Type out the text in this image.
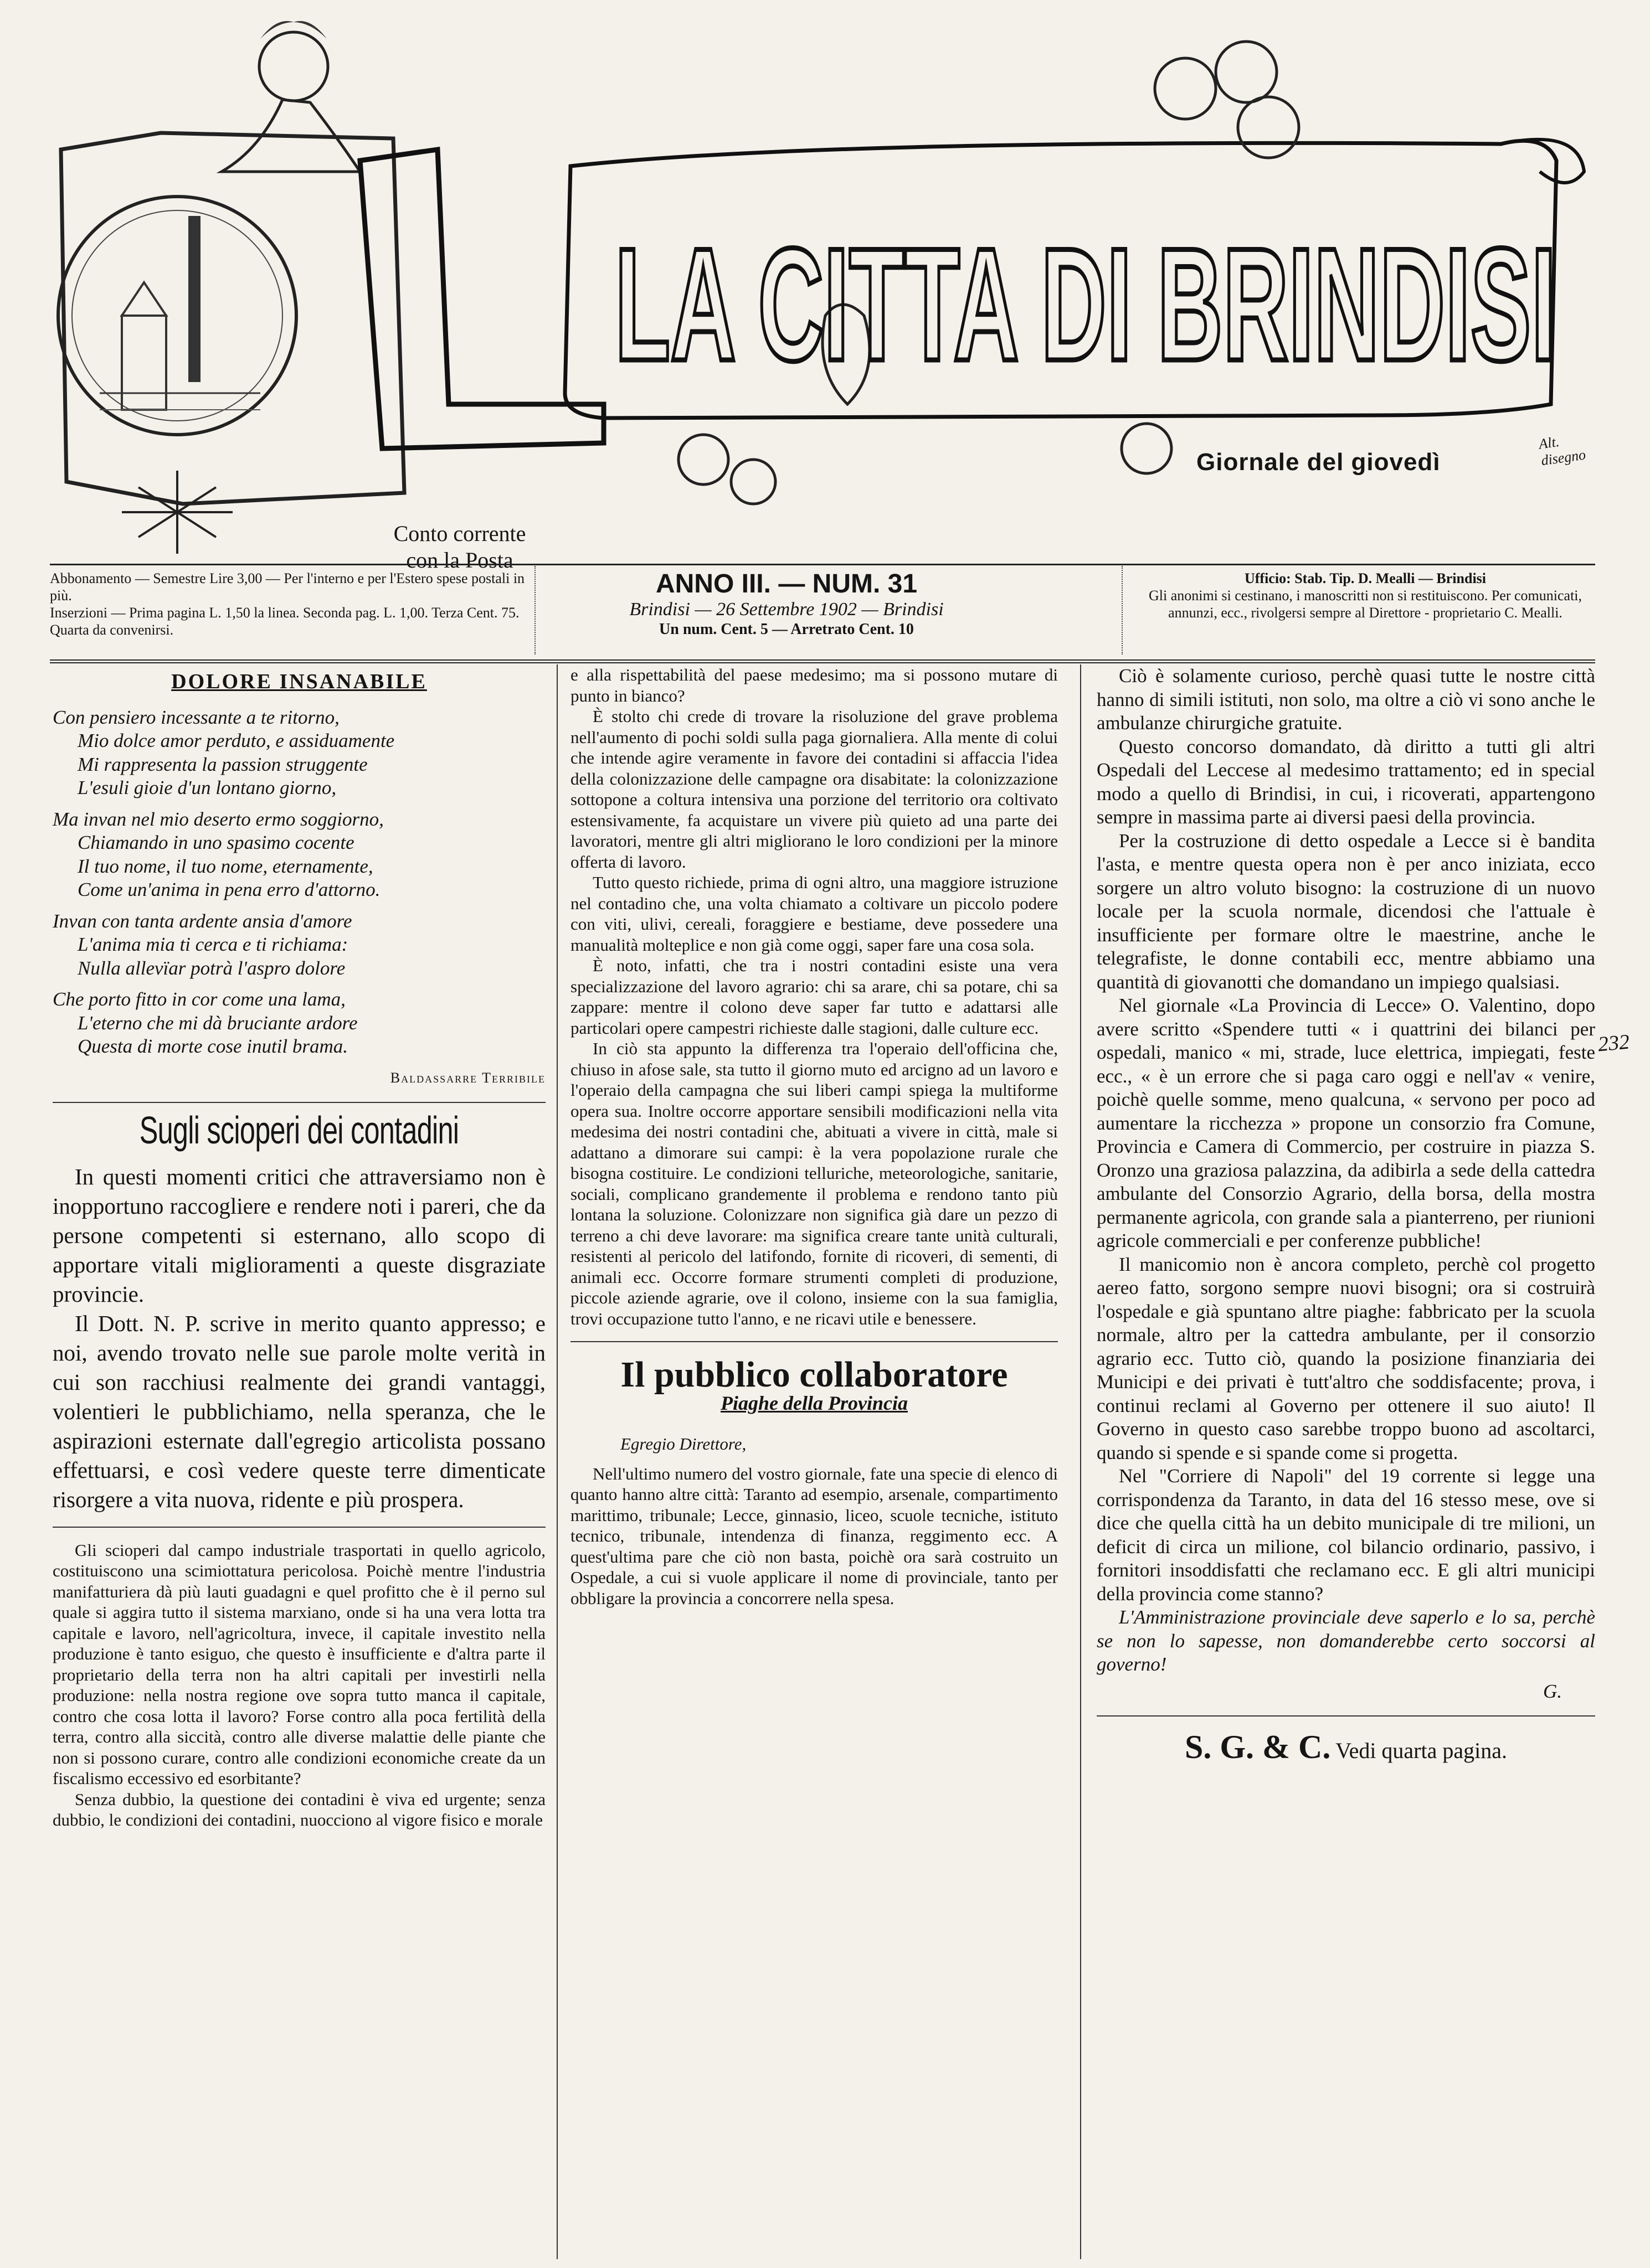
LA CITTA DI BRINDISI
Giornale del giovedì
Alt. disegno
Conto corrente con la Posta
Abbonamento — Semestre Lire 3,00 — Per l'interno e per l'Estero spese postali in più.
Inserzioni — Prima pagina L. 1,50 la linea. Seconda pag. L. 1,00. Terza Cent. 75. Quarta da convenirsi.
ANNO III. — NUM. 31
Brindisi — 26 Settembre 1902 — Brindisi
Un num. Cent. 5 — Arretrato Cent. 10
Ufficio: Stab. Tip. D. Mealli — Brindisi
Gli anonimi si cestinano, i manoscritti non si restituiscono. Per comunicati, annunzi, ecc., rivolgersi sempre al Direttore - proprietario C. Mealli.
DOLORE INSANABILE
Con pensiero incessante a te ritorno,
Mio dolce amor perduto, e assiduamente
Mi rappresenta la passion struggente
L'esuli gioie d'un lontano giorno,
Ma invan nel mio deserto ermo soggiorno,
Chiamando in uno spasimo cocente
Il tuo nome, il tuo nome, eternamente,
Come un'anima in pena erro d'attorno.
Invan con tanta ardente ansia d'amore
L'anima mia ti cerca e ti richiama:
Nulla allevïar potrà l'aspro dolore
Che porto fitto in cor come una lama,
L'eterno che mi dà bruciante ardore
Questa di morte cose inutil brama.
Baldassarre Terribile
Sugli scioperi dei contadini

In questi momenti critici che attraversiamo non è inopportuno raccogliere e rendere noti i pareri, che da persone competenti si esternano, allo scopo di apportare vitali miglioramenti a queste disgraziate provincie.

Il Dott. N. P. scrive in merito quanto appresso; e noi, avendo trovato nelle sue parole molte verità in cui son racchiusi realmente dei grandi vantaggi, volentieri le pubblichiamo, nella speranza, che le aspirazioni esternate dall'egregio articolista possano effettuarsi, e così vedere queste terre dimenticate risorgere a vita nuova, ridente e più prospera.

Gli scioperi dal campo industriale trasportati in quello agricolo, costituiscono una scimiottatura pericolosa. Poichè mentre l'industria manifatturiera dà più lauti guadagni e quel profitto che è il perno sul quale si aggira tutto il sistema marxiano, onde si ha una vera lotta tra capitale e lavoro, nell'agricoltura, invece, il capitale investito nella produzione è tanto esiguo, che questo è insufficiente e d'altra parte il proprietario della terra non ha altri capitali per investirli nella produzione: nella nostra regione ove sopra tutto manca il capitale, contro che cosa lotta il lavoro? Forse contro alla poca fertilità della terra, contro alla siccità, contro alle diverse malattie delle piante che non si possono curare, contro alle condizioni economiche create da un fiscalismo eccessivo ed esorbitante?

Senza dubbio, la questione dei contadini è viva ed urgente; senza dubbio, le condizioni dei contadini, nuocciono al vigore fisico e morale

e alla rispettabilità del paese medesimo; ma si possono mutare di punto in bianco?

È stolto chi crede di trovare la risoluzione del grave problema nell'aumento di pochi soldi sulla paga giornaliera. Alla mente di colui che intende agire veramente in favore dei contadini si affaccia l'idea della colonizzazione delle campagne ora disabitate: la colonizzazione sottopone a coltura intensiva una porzione del territorio ora coltivato estensivamente, fa acquistare un vivere più quieto ad una parte dei lavoratori, mentre gli altri migliorano le loro condizioni per la minore offerta di lavoro.

Tutto questo richiede, prima di ogni altro, una maggiore istruzione nel contadino che, una volta chiamato a coltivare un piccolo podere con viti, ulivi, cereali, foraggiere e bestiame, deve possedere una manualità molteplice e non già come oggi, saper fare una cosa sola.

È noto, infatti, che tra i nostri contadini esiste una vera specializzazione del lavoro agrario: chi sa arare, chi sa potare, chi sa zappare: mentre il colono deve saper far tutto e adattarsi alle particolari opere campestri richieste dalle stagioni, dalle culture ecc.

In ciò sta appunto la differenza tra l'operaio dell'officina che, chiuso in afose sale, sta tutto il giorno muto ed arcigno ad un lavoro e l'operaio della campagna che sui liberi campi spiega la multiforme opera sua. Inoltre occorre apportare sensibili modificazioni nella vita medesima dei nostri contadini che, abituati a vivere in città, male si adattano a dimorare sui campi: è la vera popolazione rurale che bisogna costituire. Le condizioni telluriche, meteorologiche, sanitarie, sociali, complicano grandemente il problema e rendono tanto più lontana la soluzione. Colonizzare non significa già dare un pezzo di terreno a chi deve lavorare: ma significa creare tante unità culturali, resistenti al pericolo del latifondo, fornite di ricoveri, di sementi, di animali ecc. Occorre formare strumenti completi di produzione, piccole aziende agrarie, ove il colono, insieme con la sua famiglia, trovi occupazione tutto l'anno, e ne ricavi utile e benessere.

Il pubblico collaboratore
Piaghe della Provincia
Egregio Direttore,

Nell'ultimo numero del vostro giornale, fate una specie di elenco di quanto hanno altre città: Taranto ad esempio, arsenale, compartimento marittimo, tribunale; Lecce, ginnasio, liceo, scuole tecniche, istituto tecnico, tribunale, intendenza di finanza, reggimento ecc. A quest'ultima pare che ciò non basta, poichè ora sarà costruito un Ospedale, a cui si vuole applicare il nome di provinciale, tanto per obbligare la provincia a concorrere nella spesa.

Ciò è solamente curioso, perchè quasi tutte le nostre città hanno di simili istituti, non solo, ma oltre a ciò vi sono anche le ambulanze chirurgiche gratuite.

Questo concorso domandato, dà diritto a tutti gli altri Ospedali del Leccese al medesimo trattamento; ed in special modo a quello di Brindisi, in cui, i ricoverati, appartengono sempre in massima parte ai diversi paesi della provincia.

Per la costruzione di detto ospedale a Lecce si è bandita l'asta, e mentre questa opera non è per anco iniziata, ecco sorgere un altro voluto bisogno: la costruzione di un nuovo locale per la scuola normale, dicendosi che l'attuale è insufficiente per formare oltre le maestrine, anche le telegrafiste, le donne contabili ecc, mentre abbiamo una quantità di giovanotti che domandano un impiego qualsiasi.

Nel giornale «La Provincia di Lecce» O. Valentino, dopo avere scritto «Spendere tutti « i quattrini dei bilanci per ospedali, manico « mi, strade, luce elettrica, impiegati, feste ecc., « è un errore che si paga caro oggi e nell'av « venire, poichè quelle somme, meno qualcuna, « servono per poco ad aumentare la ricchezza » propone un consorzio fra Comune, Provincia e Camera di Commercio, per costruire in piazza S. Oronzo una graziosa palazzina, da adibirla a sede della cattedra ambulante del Consorzio Agrario, della borsa, della mostra permanente agricola, con grande sala a pianterreno, per riunioni agricole commerciali e per conferenze pubbliche!

Il manicomio non è ancora completo, perchè col progetto aereo fatto, sorgono sempre nuovi bisogni; ora si costruirà l'ospedale e già spuntano altre piaghe: fabbricato per la scuola normale, altro per la cattedra ambulante, per il consorzio agrario ecc. Tutto ciò, quando la posizione finanziaria dei Municipi e dei privati è tutt'altro che soddisfacente; prova, i continui reclami al Governo per ottenere il suo aiuto! Il Governo in questo caso sarebbe troppo buono ad ascoltarci, quando si spende e si spande come si progetta.

Nel "Corriere di Napoli" del 19 corrente si legge una corrispondenza da Taranto, in data del 16 stesso mese, ove si dice che quella città ha un debito municipale di tre milioni, un deficit di circa un milione, col bilancio ordinario, passivo, i fornitori insoddisfatti che reclamano ecc. E gli altri municipi della provincia come stanno?

L'Amministrazione provinciale deve saperlo e lo sa, perchè se non lo sapesse, non domanderebbe certo soccorsi al governo!

G.
S. G. & C. Vedi quarta pagina.
232
